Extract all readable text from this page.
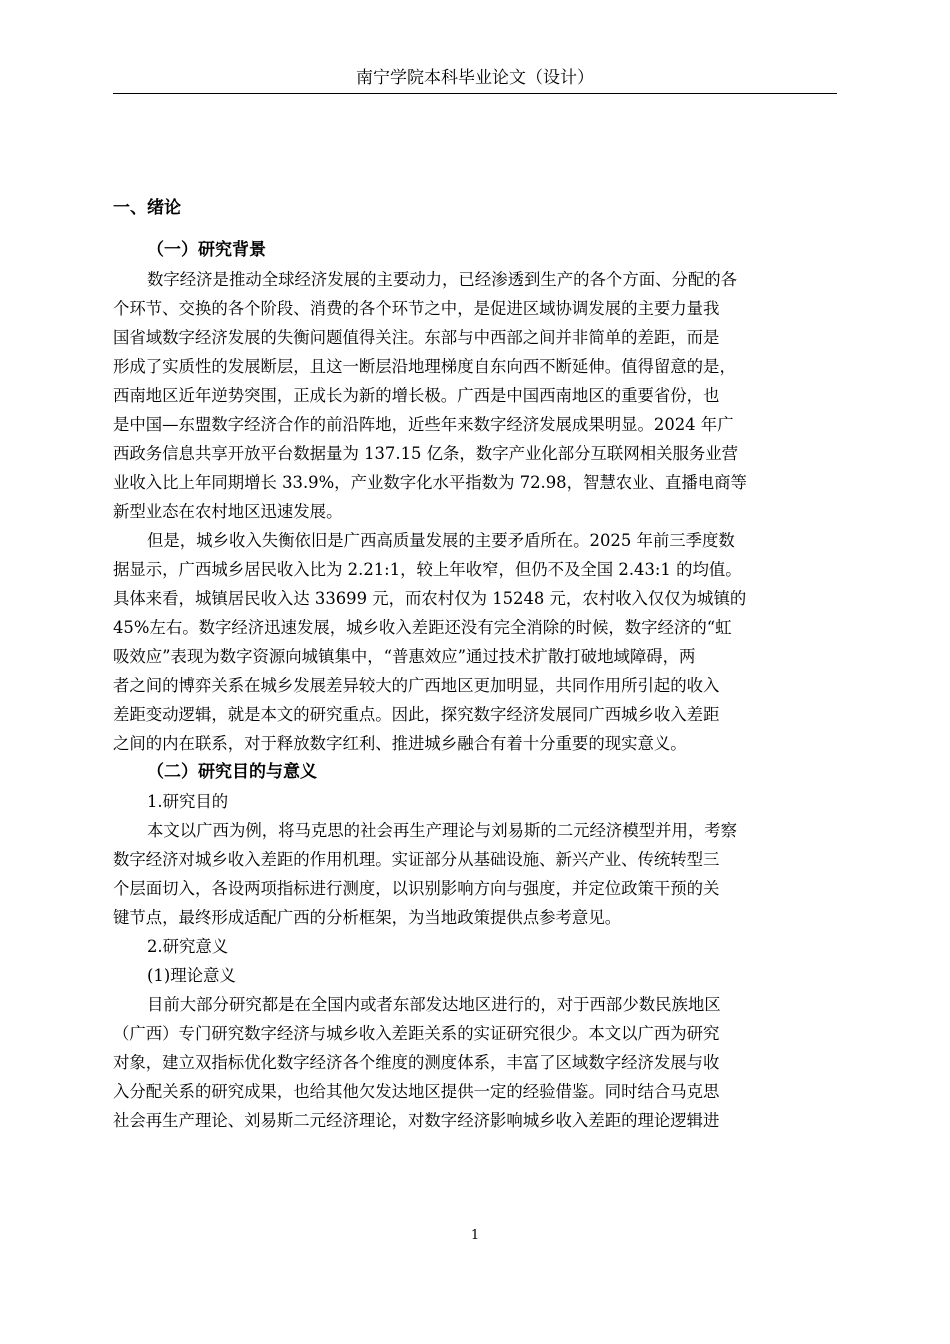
南宁学院本科毕业论文（设计）
一、绪论
（一）研究背景
数字经济是推动全球经济发展的主要动力，已经渗透到生产的各个方面、分配的各
个环节、交换的各个阶段、消费的各个环节之中，是促进区域协调发展的主要力量我
国省域数字经济发展的失衡问题值得关注。东部与中西部之间并非简单的差距，而是
形成了实质性的发展断层，且这一断层沿地理梯度自东向西不断延伸。值得留意的是，
西南地区近年逆势突围，正成长为新的增长极。广西是中国西南地区的重要省份，也
是中国—东盟数字经济合作的前沿阵地，近些年来数字经济发展成果明显。2024 年广
西政务信息共享开放平台数据量为 137.15 亿条，数字产业化部分互联网相关服务业营
业收入比上年同期增长 33.9%，产业数字化水平指数为 72.98，智慧农业、直播电商等
新型业态在农村地区迅速发展。
但是，城乡收入失衡依旧是广西高质量发展的主要矛盾所在。2025 年前三季度数
据显示，广西城乡居民收入比为 2.21:1，较上年收窄，但仍不及全国 2.43:1 的均值。
具体来看，城镇居民收入达 33699 元，而农村仅为 15248 元，农村收入仅仅为城镇的
45%左右。数字经济迅速发展，城乡收入差距还没有完全消除的时候，数字经济的“虹
吸效应”表现为数字资源向城镇集中，“普惠效应”通过技术扩散打破地域障碍，两
者之间的博弈关系在城乡发展差异较大的广西地区更加明显，共同作用所引起的收入
差距变动逻辑，就是本文的研究重点。因此，探究数字经济发展同广西城乡收入差距
之间的内在联系，对于释放数字红利、推进城乡融合有着十分重要的现实意义。
（二）研究目的与意义
1.研究目的
本文以广西为例，将马克思的社会再生产理论与刘易斯的二元经济模型并用，考察
数字经济对城乡收入差距的作用机理。实证部分从基础设施、新兴产业、传统转型三
个层面切入，各设两项指标进行测度，以识别影响方向与强度，并定位政策干预的关
键节点，最终形成适配广西的分析框架，为当地政策提供点参考意见。
2.研究意义
(1)理论意义
目前大部分研究都是在全国内或者东部发达地区进行的，对于西部少数民族地区
（广西）专门研究数字经济与城乡收入差距关系的实证研究很少。本文以广西为研究
对象，建立双指标优化数字经济各个维度的测度体系，丰富了区域数字经济发展与收
入分配关系的研究成果，也给其他欠发达地区提供一定的经验借鉴。同时结合马克思
社会再生产理论、刘易斯二元经济理论，对数字经济影响城乡收入差距的理论逻辑进
1
